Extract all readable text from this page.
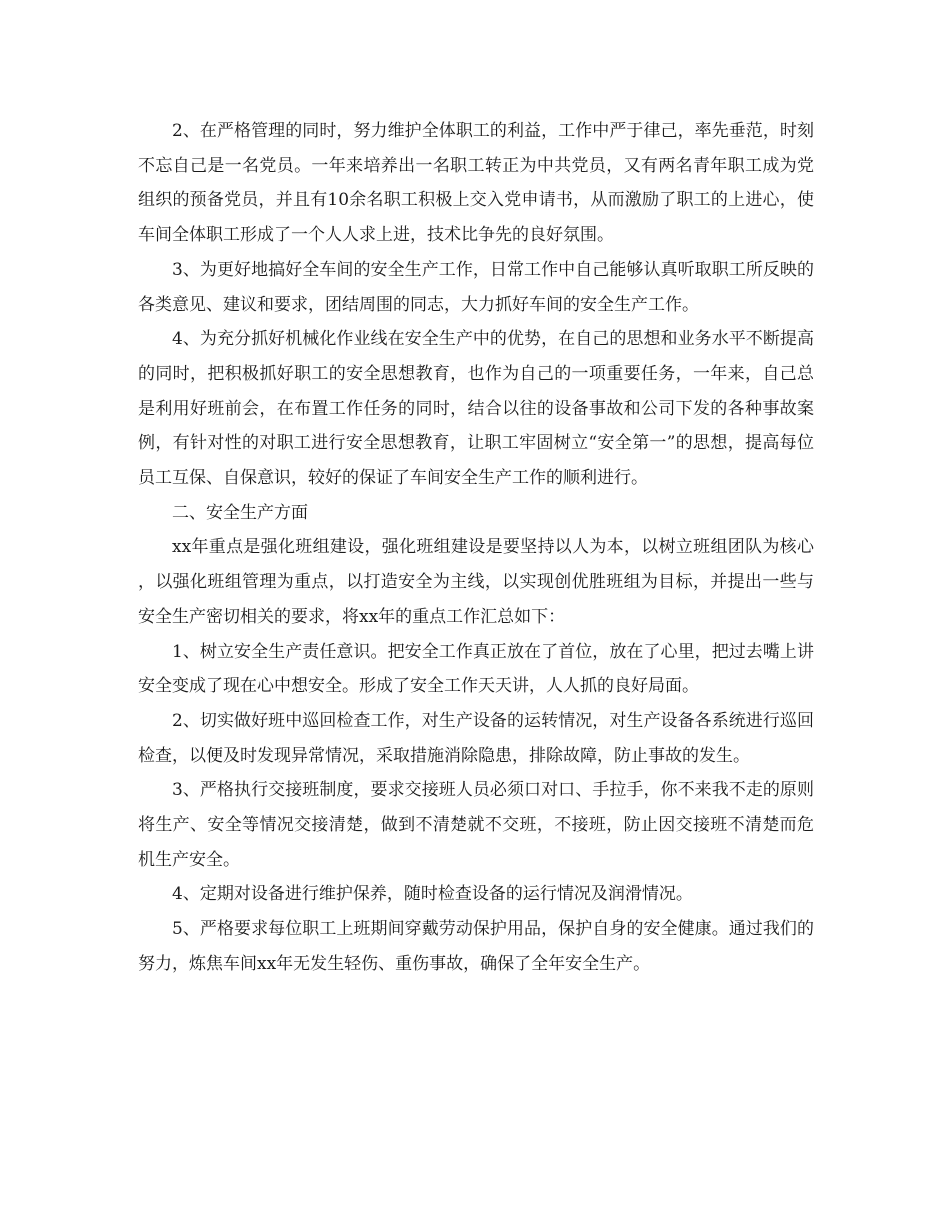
2、在严格管理的同时，努力维护全体职工的利益，工作中严于律己，率先垂范，时刻不忘自己是一名党员。一年来培养出一名职工转正为中共党员，又有两名青年职工成为党组织的预备党员，并且有10余名职工积极上交入党申请书，从而激励了职工的上进心，使车间全体职工形成了一个人人求上进，技术比争先的良好氛围。

3、为更好地搞好全车间的安全生产工作，日常工作中自己能够认真听取职工所反映的各类意见、建议和要求，团结周围的同志，大力抓好车间的安全生产工作。

4、为充分抓好机械化作业线在安全生产中的优势，在自己的思想和业务水平不断提高的同时，把积极抓好职工的安全思想教育，也作为自己的一项重要任务，一年来，自己总是利用好班前会，在布置工作任务的同时，结合以往的设备事故和公司下发的各种事故案例，有针对性的对职工进行安全思想教育，让职工牢固树立“安全第一”的思想，提高每位员工互保、自保意识，较好的保证了车间安全生产工作的顺利进行。

二、安全生产方面

xx年重点是强化班组建设，强化班组建设是要坚持以人为本，以树立班组团队为核心 ，以强化班组管理为重点，以打造安全为主线，以实现创优胜班组为目标，并提出一些与安全生产密切相关的要求，将xx年的重点工作汇总如下：

1、树立安全生产责任意识。把安全工作真正放在了首位，放在了心里，把过去嘴上讲安全变成了现在心中想安全。形成了安全工作天天讲，人人抓的良好局面。

2、切实做好班中巡回检查工作，对生产设备的运转情况，对生产设备各系统进行巡回检查，以便及时发现异常情况，采取措施消除隐患，排除故障，防止事故的发生。

3、严格执行交接班制度，要求交接班人员必须口对口、手拉手，你不来我不走的原则将生产、安全等情况交接清楚，做到不清楚就不交班，不接班，防止因交接班不清楚而危机生产安全。

4、定期对设备进行维护保养，随时检查设备的运行情况及润滑情况。

5、严格要求每位职工上班期间穿戴劳动保护用品，保护自身的安全健康。通过我们的努力，炼焦车间xx年无发生轻伤、重伤事故，确保了全年安全生产。
